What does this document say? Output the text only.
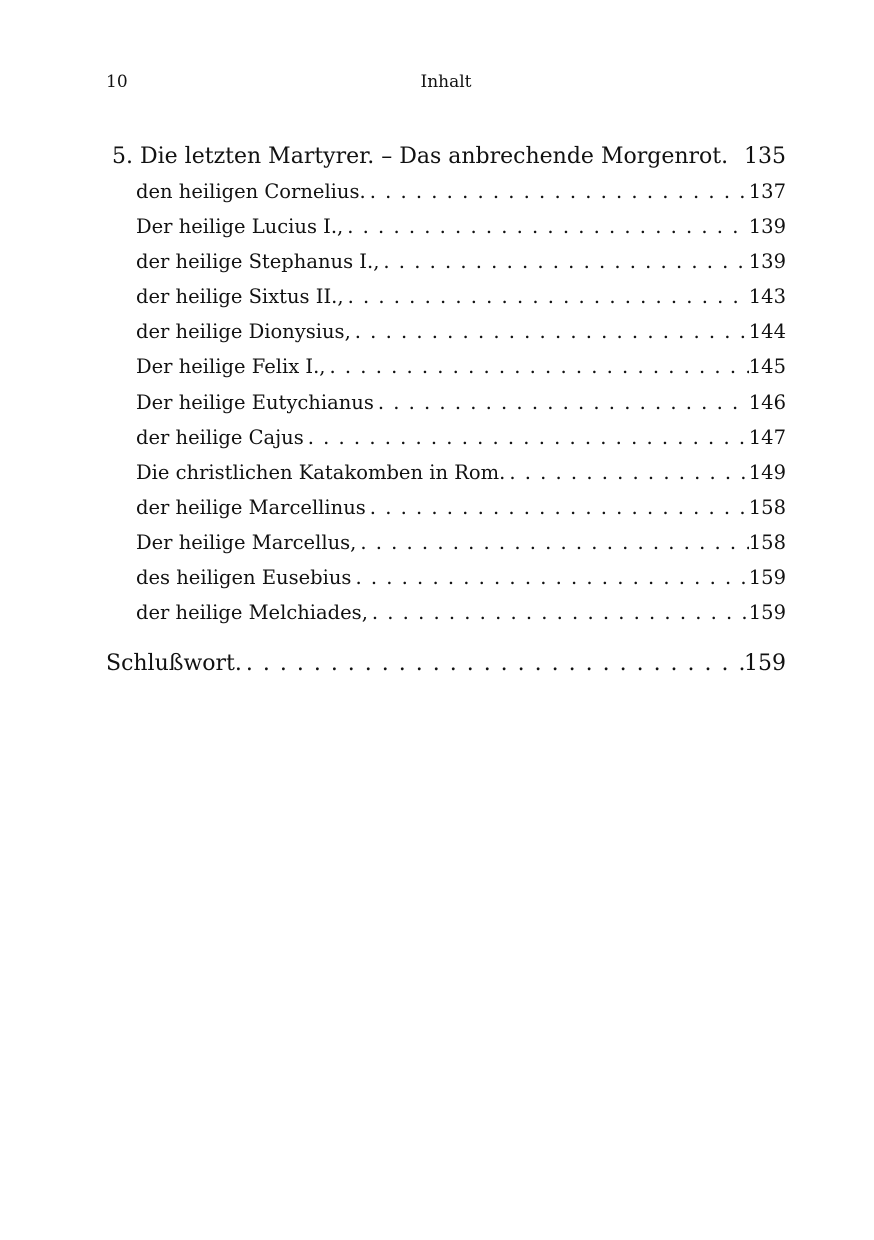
10	Inhalt
5. Die letzten Martyrer. – Das anbrechende Morgenrot. 135
den heiligen Cornelius. . . .	137
Der heilige Lucius I., . . .	139
der heilige Stephanus I., . . .	139
der heilige Sixtus II., . . .	143
der heilige Dionysius, . . .	144
Der heilige Felix I., . . .	145
Der heilige Eutychianus . . .	146
der heilige Cajus . . .	147
Die christlichen Katakomben in Rom. . . .	149
der heilige Marcellinus . . .	158
Der heilige Marcellus, . . .	158
des heiligen Eusebius . . .	159
der heilige Melchiades, . . .	159
Schlußwort. . . .	159
